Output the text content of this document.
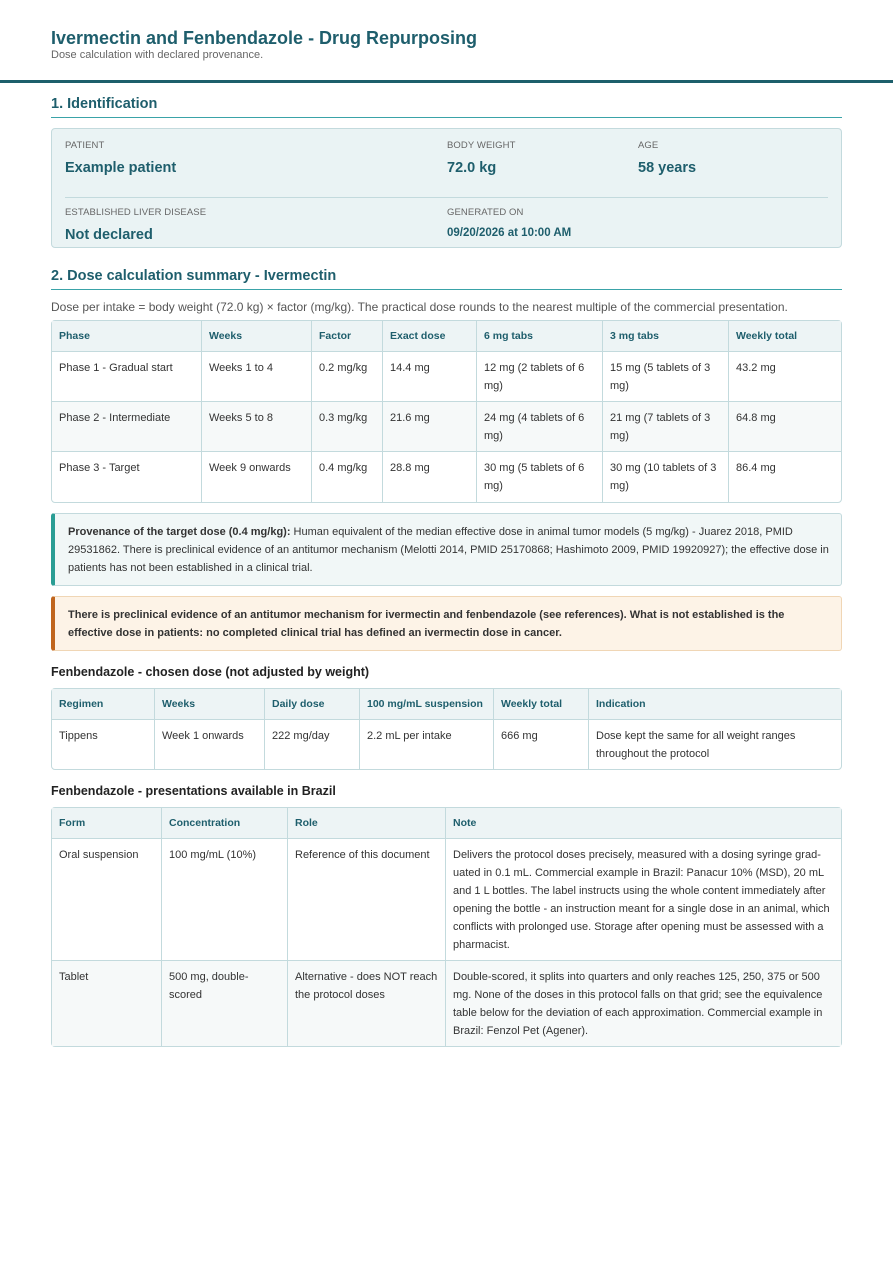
Ivermectin and Fenbendazole - Drug Repurposing
Dose calculation with declared provenance.
1. Identification
PATIENT
Example patient
BODY WEIGHT
72.0 kg
AGE
58 years
ESTABLISHED LIVER DISEASE
Not declared
GENERATED ON
09/20/2026 at 10:00 AM
2. Dose calculation summary - Ivermectin
Dose per intake = body weight (72.0 kg) × factor (mg/kg). The practical dose rounds to the nearest multiple of the commercial presentation.
Phase	Weeks	Factor	Exact dose	6 mg tabs	3 mg tabs	Weekly total
Phase 1 - Gradual start	Weeks 1 to 4	0.2 mg/kg	14.4 mg	12 mg (2 tablets of 6 mg)	15 mg (5 tablets of 3 mg)	43.2 mg
Phase 2 - Intermediate	Weeks 5 to 8	0.3 mg/kg	21.6 mg	24 mg (4 tablets of 6 mg)	21 mg (7 tablets of 3 mg)	64.8 mg
Phase 3 - Target	Week 9 onwards	0.4 mg/kg	28.8 mg	30 mg (5 tablets of 6 mg)	30 mg (10 tablets of 3 mg)	86.4 mg
Provenance of the target dose (0.4 mg/kg): Human equivalent of the median effective dose in animal tumor models (5 mg/kg) - Juarez 2018, PMID 29531862. There is preclinical evidence of an antitumor mechanism (Melotti 2014, PMID 25170868; Hashimoto 2009, PMID 19920927); the effective dose in patients has not been established in a clinical trial.
There is preclinical evidence of an antitumor mechanism for ivermectin and fenbendazole (see references). What is not established is the effective dose in patients: no completed clinical trial has defined an ivermectin dose in cancer.
Fenbendazole - chosen dose (not adjusted by weight)
Regimen	Weeks	Daily dose	100 mg/mL suspension	Weekly total	Indication
Tippens	Week 1 onwards	222 mg/day	2.2 mL per intake	666 mg	Dose kept the same for all weight ranges throughout the protocol
Fenbendazole - presentations available in Brazil
Form	Concentration	Role	Note
Oral suspension	100 mg/mL (10%)	Reference of this document	Delivers the protocol doses precisely, measured with a dosing syringe graduated in 0.1 mL. Commercial example in Brazil: Panacur 10% (MSD), 20 mL and 1 L bottles. The label instructs using the whole content immediately after opening the bottle - an instruction meant for a single dose in an animal, which conflicts with prolonged use. Storage after opening must be assessed with a pharmacist.
Tablet	500 mg, double-scored	Alternative - does NOT reach the protocol doses	Double-scored, it splits into quarters and only reaches 125, 250, 375 or 500 mg. None of the doses in this protocol falls on that grid; see the equivalence table below for the deviation of each approximation. Commercial example in Brazil: Fenzol Pet (Agener).
